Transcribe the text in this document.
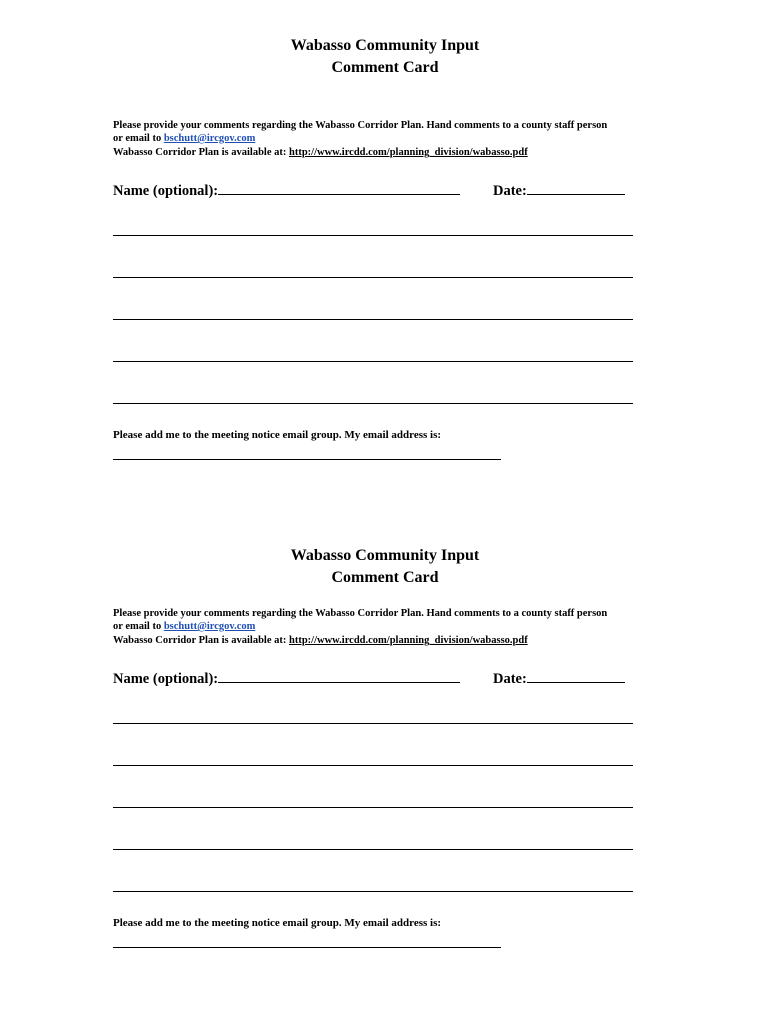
Wabasso Community Input
Comment Card
Please provide your comments regarding the Wabasso Corridor Plan. Hand comments to a county staff person
or email to bschutt@ircgov.com
Wabasso Corridor Plan is available at: http://www.ircdd.com/planning_division/wabasso.pdf
Name (optional):	Date:
Please add me to the meeting notice email group. My email address is:
Wabasso Community Input
Comment Card
Please provide your comments regarding the Wabasso Corridor Plan. Hand comments to a county staff person
or email to bschutt@ircgov.com
Wabasso Corridor Plan is available at: http://www.ircdd.com/planning_division/wabasso.pdf
Name (optional):	Date:
Please add me to the meeting notice email group. My email address is:
